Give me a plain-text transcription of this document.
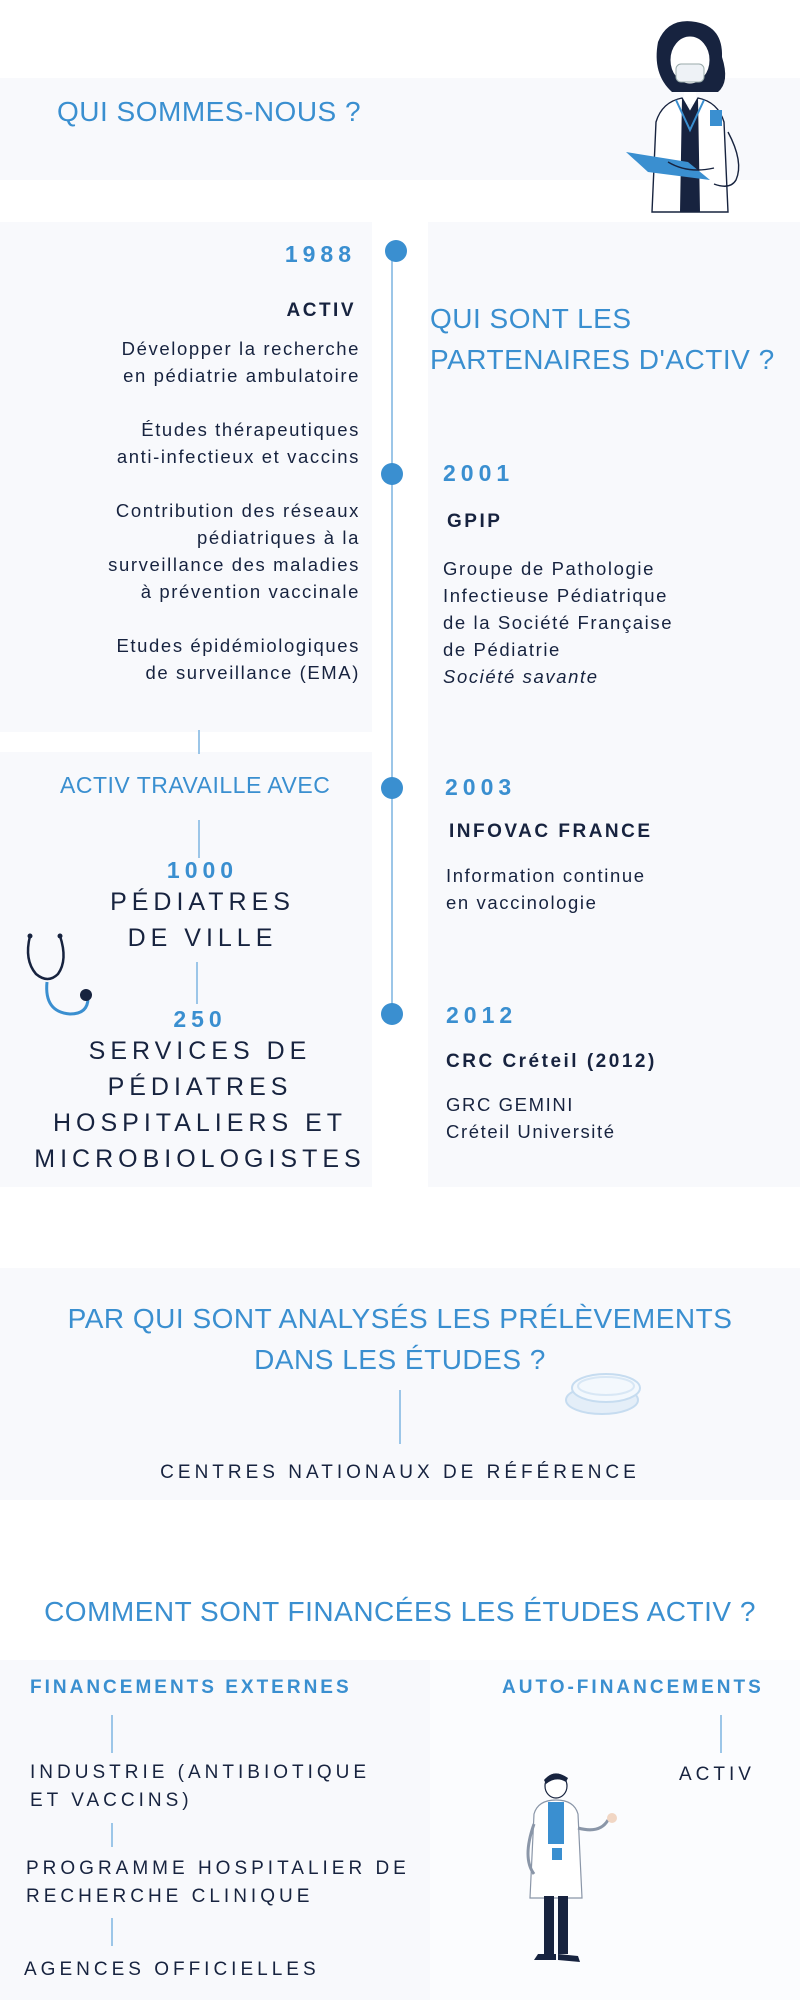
QUI SOMMES-NOUS ?
1988
ACTIV
Développer la recherche
en pédiatrie ambulatoire
Études thérapeutiques
anti-infectieux et vaccins
Contribution des réseaux
pédiatriques à la
surveillance des maladies
à prévention vaccinale
Etudes épidémiologiques
de surveillance (EMA)
QUI SONT LES
PARTENAIRES D'ACTIV ?
2001
GPIP
Groupe de Pathologie
Infectieuse Pédiatrique
de la Société Française
de Pédiatrie
Société savante
2003
INFOVAC FRANCE
Information continue
en vaccinologie
2012
CRC Créteil (2012)
GRC GEMINI
Créteil Université
ACTIV TRAVAILLE AVEC
1000
PÉDIATRES
DE VILLE
250
SERVICES DE
PÉDIATRES
HOSPITALIERS ET
MICROBIOLOGISTES
PAR QUI SONT ANALYSÉS LES PRÉLÈVEMENTS
DANS LES ÉTUDES ?
CENTRES NATIONAUX DE RÉFÉRENCE
COMMENT SONT FINANCÉES LES ÉTUDES ACTIV ?
FINANCEMENTS EXTERNES
INDUSTRIE (ANTIBIOTIQUE
ET VACCINS)
PROGRAMME HOSPITALIER DE
RECHERCHE CLINIQUE
AGENCES OFFICIELLES
AUTO-FINANCEMENTS
ACTIV
